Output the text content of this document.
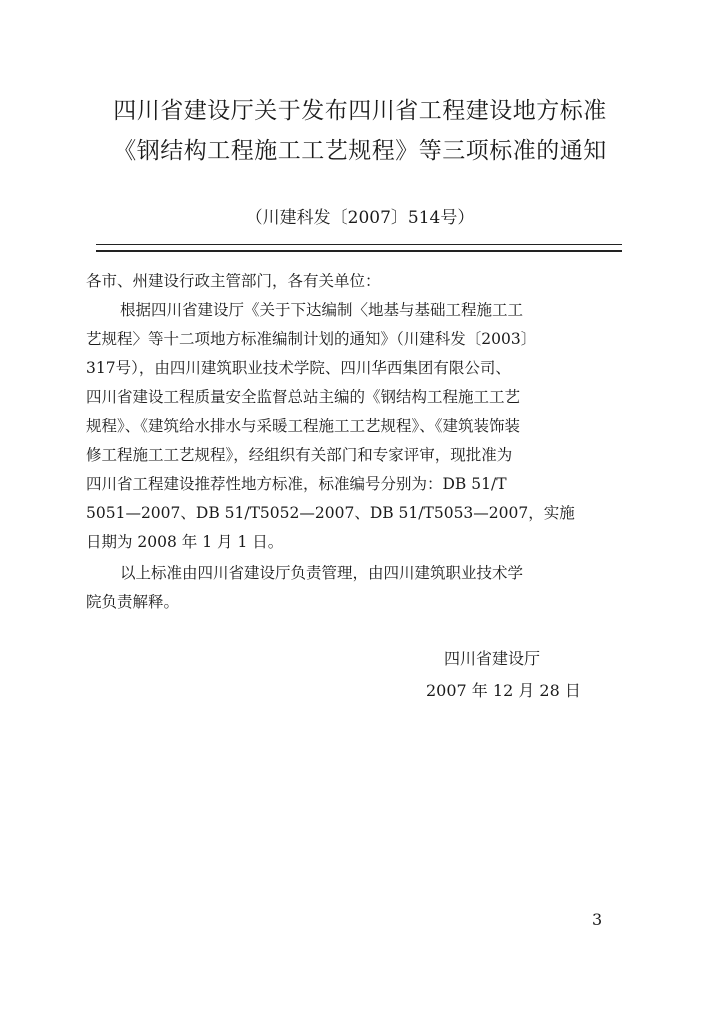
四川省建设厅关于发布四川省工程建设地方标准
《钢结构工程施工工艺规程》等三项标准的通知
（川建科发〔2007〕514号）
各市、州建设行政主管部门，各有关单位：
根据四川省建设厅《关于下达编制〈地基与基础工程施工工
艺规程〉等十二项地方标准编制计划的通知》（川建科发〔2003〕
317号），由四川建筑职业技术学院、四川华西集团有限公司、
四川省建设工程质量安全监督总站主编的《钢结构工程施工工艺
规程》、《建筑给水排水与采暖工程施工工艺规程》、《建筑装饰装
修工程施工工艺规程》，经组织有关部门和专家评审，现批准为
四川省工程建设推荐性地方标准，标准编号分别为：DB 51/T
5051—2007、DB 51/T5052—2007、DB 51/T5053—2007，实施
日期为 2008 年 1 月 1 日。
以上标准由四川省建设厅负责管理，由四川建筑职业技术学
院负责解释。
四川省建设厅
2007 年 12 月 28 日
3
